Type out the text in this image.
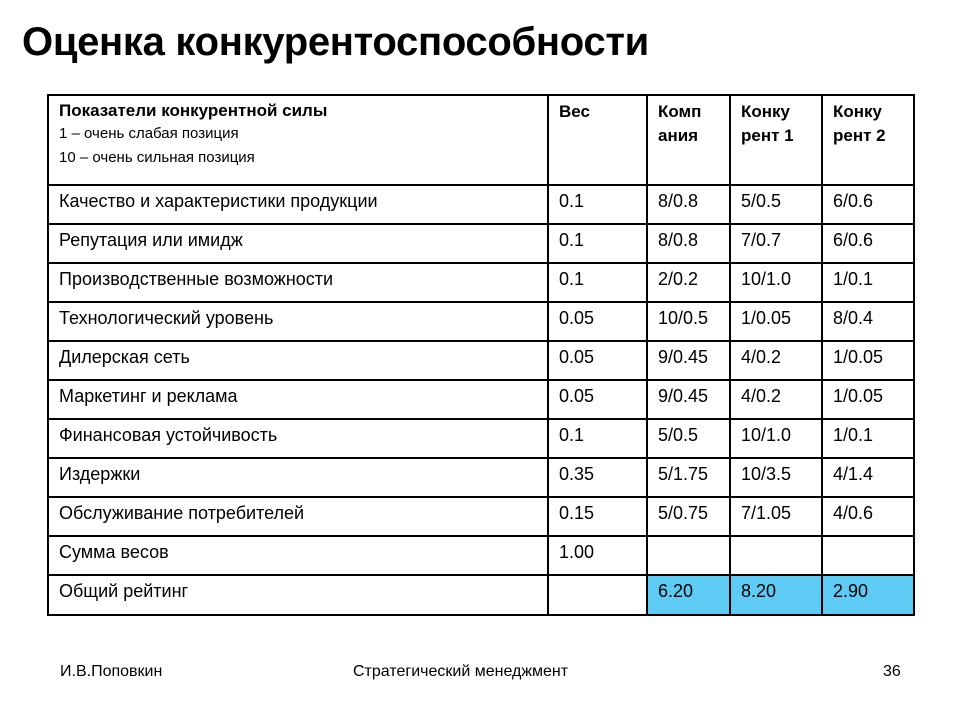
Оценка конкурентоспособности
Показатели конкурентной силы
1 – очень слабая позиция
10 – очень сильная позиция	Вес	Комп ания	Конку рент 1	Конку рент 2
Качество и характеристики продукции	0.1	8/0.8	5/0.5	6/0.6
Репутация или имидж	0.1	8/0.8	7/0.7	6/0.6
Производственные возможности	0.1	2/0.2	10/1.0	1/0.1
Технологический уровень	0.05	10/0.5	1/0.05	8/0.4
Дилерская сеть	0.05	9/0.45	4/0.2	1/0.05
Маркетинг и реклама	0.05	9/0.45	4/0.2	1/0.05
Финансовая устойчивость	0.1	5/0.5	10/1.0	1/0.1
Издержки	0.35	5/1.75	10/3.5	4/1.4
Обслуживание потребителей	0.15	5/0.75	7/1.05	4/0.6
Сумма весов	1.00			
Общий рейтинг		6.20	8.20	2.90
И.В.Поповкин	Стратегический менеджмент	36
